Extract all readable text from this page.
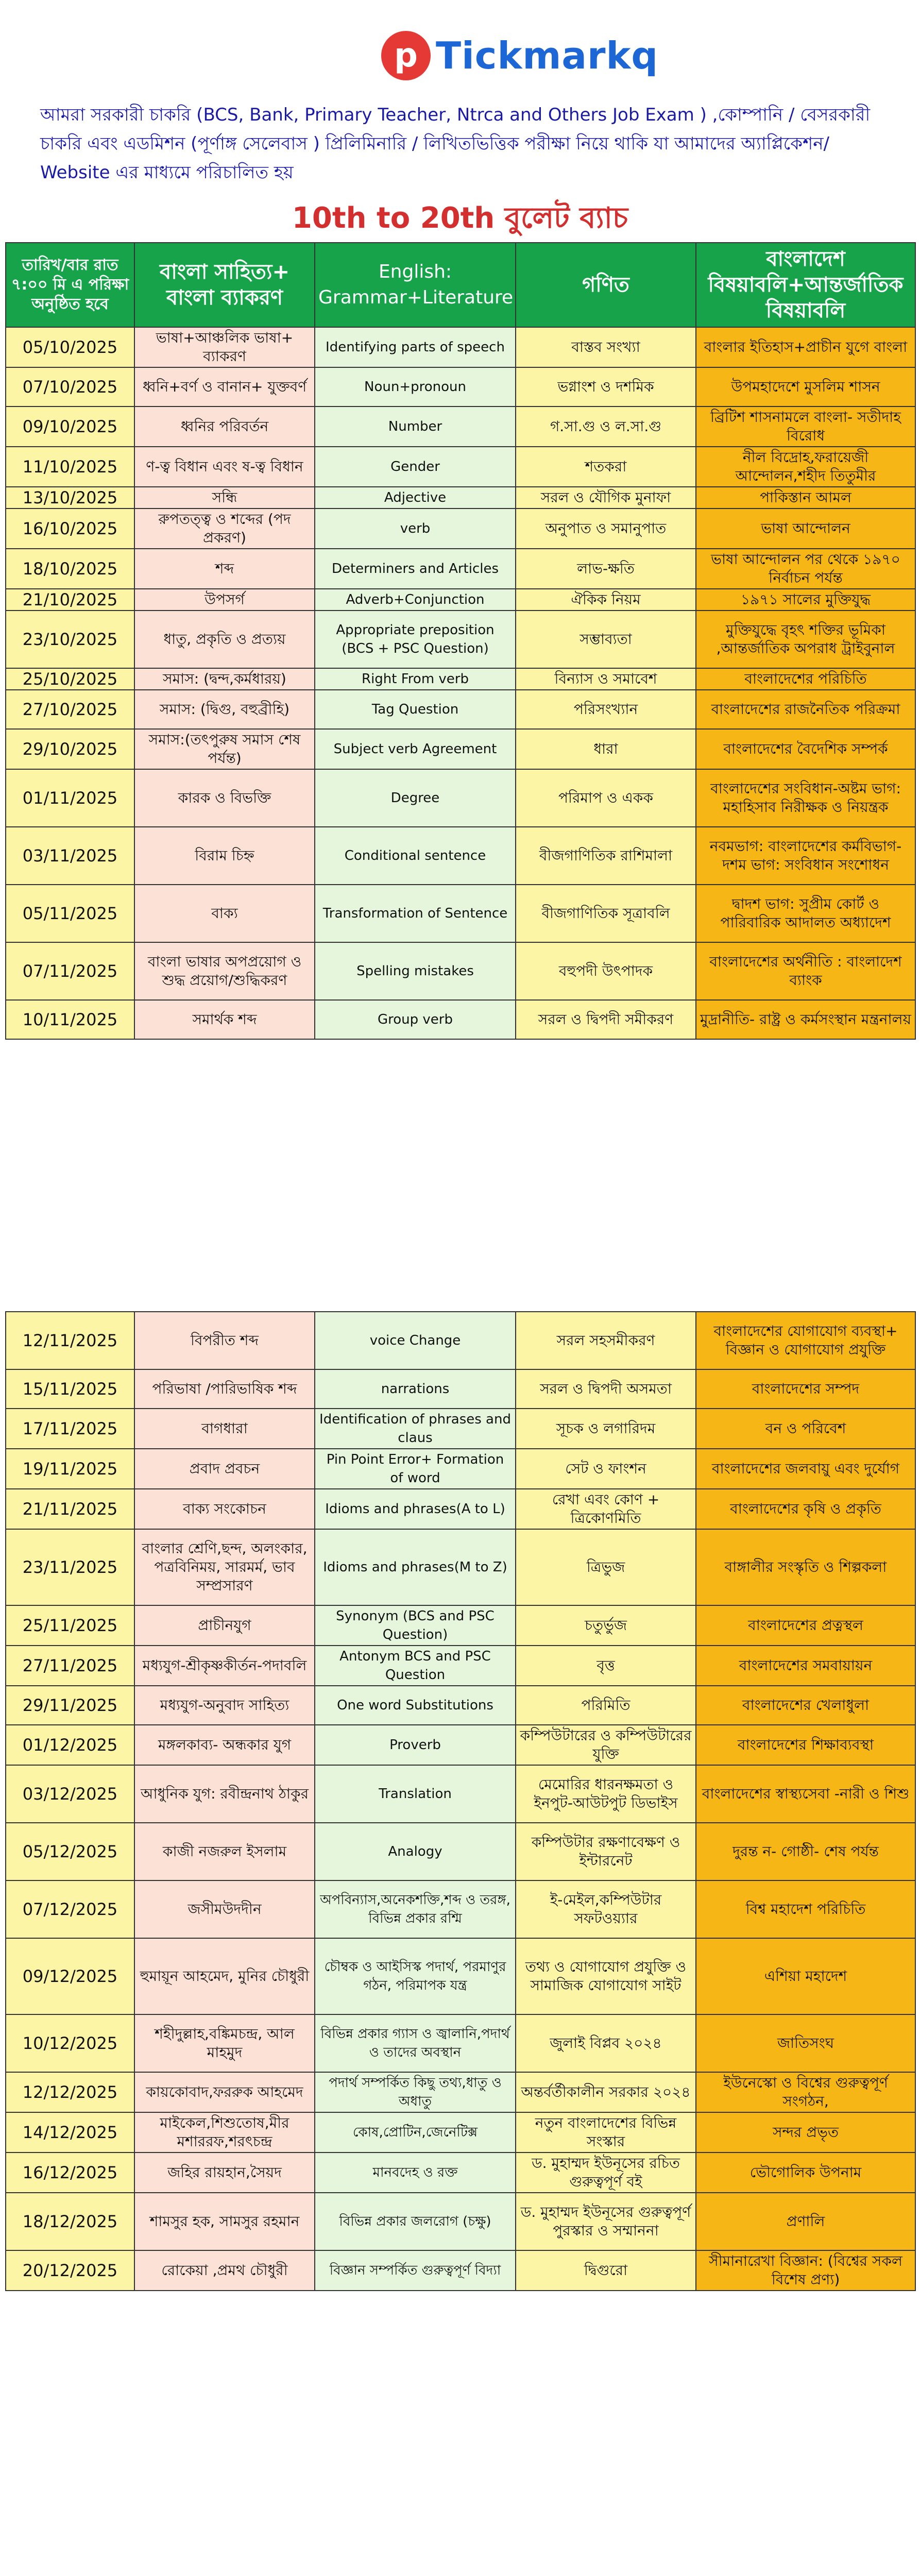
p Tickmarkq
আমরা সরকারী চাকরি (BCS, Bank, Primary Teacher, Ntrca and Others Job Exam ) ,কোম্পানি / বেসরকারী চাকরি এবং এডমিশন (পূর্ণাঙ্গ সেলেবাস ) প্রিলিমিনারি / লিখিতভিত্তিক পরীক্ষা নিয়ে থাকি যা আমাদের অ্যাপ্লিকেশন/ Website এর মাধ্যমে পরিচালিত হয়
10th to 20th বুলেট ব্যাচ
তারিখ/বার রাত ৭:০০ মি এ পরিক্ষা অনুষ্ঠিত হবে	বাংলা সাহিত্য+ বাংলা ব্যাকরণ	English: Grammar+Literature	গণিত	বাংলাদেশ বিষয়াবলি+আন্তর্জাতিক বিষয়াবলি
05/10/2025	ভাষা+আঞ্চলিক ভাষা+ ব্যাকরণ	Identifying parts of speech	বাস্তব সংখ্যা	বাংলার ইতিহাস+প্রাচীন যুগে বাংলা
07/10/2025	ধ্বনি+বর্ণ ও বানান+ যুক্তবর্ণ	Noun+pronoun	ভগ্নাংশ ও দশমিক	উপমহাদেশে মুসলিম শাসন
09/10/2025	ধ্বনির পরিবর্তন	Number	গ.সা.গু ও ল.সা.গু	ব্রিটিশ শাসনামলে বাংলা- সতীদাহ বিরোধ
11/10/2025	ণ-ত্ব বিধান এবং ষ-ত্ব বিধান	Gender	শতকরা	নীল বিদ্রোহ,ফরায়েজী আন্দোলন,শহীদ তিতুমীর
13/10/2025	সন্ধি	Adjective	সরল ও যৌগিক মুনাফা	পাকিস্তান আমল
16/10/2025	রুপতত্ত্ব ও শব্দের (পদ প্রকরণ)	verb	অনুপাত ও সমানুপাত	ভাষা আন্দোলন
18/10/2025	শব্দ	Determiners and Articles	লাভ-ক্ষতি	ভাষা আন্দোলন পর থেকে ১৯৭০ নির্বাচন পর্যন্ত
21/10/2025	উপসর্গ	Adverb+Conjunction	ঐকিক নিয়ম	১৯৭১ সালের মুক্তিযুদ্ধ
23/10/2025	ধাতু, প্রকৃতি ও প্রত্যয়	Appropriate preposition (BCS + PSC Question)	সম্ভাব্যতা	মুক্তিযুদ্ধে বৃহৎ শক্তির ভূমিকা ,আন্তর্জাতিক অপরাধ ট্রাইবুনাল
25/10/2025	সমাস: (দ্বন্দ,কর্মধারয়)	Right From verb	বিন্যাস ও সমাবেশ	বাংলাদেশের পরিচিতি
27/10/2025	সমাস: (দ্বিগু, বহুব্রীহি)	Tag Question	পরিসংখ্যান	বাংলাদেশের রাজনৈতিক পরিক্রমা
29/10/2025	সমাস:(তৎপুরুষ সমাস শেষ পর্যন্ত)	Subject verb Agreement	ধারা	বাংলাদেশের বৈদেশিক সম্পর্ক
01/11/2025	কারক ও বিভক্তি	Degree	পরিমাপ ও একক	বাংলাদেশের সংবিধান-অষ্টম ভাগ: মহাহিসাব নিরীক্ষক ও নিয়ন্ত্রক
03/11/2025	বিরাম চিহ্ন	Conditional sentence	বীজগাণিতিক রাশিমালা	নবমভাগ: বাংলাদেশের কর্মবিভাগ- দশম ভাগ: সংবিধান সংশোধন
05/11/2025	বাক্য	Transformation of Sentence	বীজগাণিতিক সূত্রাবলি	দ্বাদশ ভাগ: সুপ্রীম কোর্ট ও পারিবারিক আদালত অধ্যাদেশ
07/11/2025	বাংলা ভাষার অপপ্রয়োগ ও শুদ্ধ প্রয়োগ/শুদ্ধিকরণ	Spelling mistakes	বহুপদী উৎপাদক	বাংলাদেশের অর্থনীতি : বাংলাদেশ ব্যাংক
10/11/2025	সমার্থক শব্দ	Group verb	সরল ও দ্বিপদী সমীকরণ	মুদ্রানীতি- রাষ্ট্র ও কর্মসংস্থান মন্ত্রনালয়
12/11/2025	বিপরীত শব্দ	voice Change	সরল সহসমীকরণ	বাংলাদেশের যোগাযোগ ব্যবস্থা+ বিজ্ঞান ও যোগাযোগ প্রযুক্তি
15/11/2025	পরিভাষা /পারিভাষিক শব্দ	narrations	সরল ও দ্বিপদী অসমতা	বাংলাদেশের সম্পদ
17/11/2025	বাগধারা	Identification of phrases and claus	সূচক ও লগারিদম	বন ও পরিবেশ
19/11/2025	প্রবাদ প্রবচন	Pin Point Error+ Formation of word	সেট ও ফাংশন	বাংলাদেশের জলবায়ু এবং দুর্যোগ
21/11/2025	বাক্য সংকোচন	Idioms and phrases(A to L)	রেখা এবং কোণ + ত্রিকোণমিতি	বাংলাদেশের কৃষি ও প্রকৃতি
23/11/2025	বাংলার শ্রেণি,ছন্দ, অলংকার, পত্রবিনিময়, সারমর্ম, ভাব সম্প্রসারণ	Idioms and phrases(M to Z)	ত্রিভুজ	বাঙ্গালীর সংস্কৃতি ও শিল্পকলা
25/11/2025	প্রাচীনযুগ	Synonym (BCS and PSC Question)	চতুর্ভুজ	বাংলাদেশের প্রত্নস্থল
27/11/2025	মধ্যযুগ-শ্রীকৃষ্ণকীর্তন-পদাবলি	Antonym BCS and PSC Question	বৃত্ত	বাংলাদেশের সমবায়ায়ন
29/11/2025	মধ্যযুগ-অনুবাদ সাহিত্য	One word Substitutions	পরিমিতি	বাংলাদেশের খেলাধুলা
01/12/2025	মঙ্গলকাব্য- অন্ধকার যুগ	Proverb	কম্পিউটারের ও কম্পিউটারের যুক্তি	বাংলাদেশের শিক্ষাব্যবস্থা
03/12/2025	আধুনিক যুগ: রবীন্দ্রনাথ ঠাকুর	Translation	মেমোরির ধারনক্ষমতা ও ইনপুট-আউটপুট ডিভাইস	বাংলাদেশের স্বাস্থ্যসেবা -নারী ও শিশু
05/12/2025	কাজী নজরুল ইসলাম	Analogy	কম্পিউটার রক্ষণাবেক্ষণ ও ইন্টারনেট	দুরন্ত ন- গোষ্ঠী- শেষ পর্যন্ত
07/12/2025	জসীমউদদীন	অপবিন্যাস,অনেকশক্তি,শব্দ ও তরঙ্গ, বিভিন্ন প্রকার রশ্মি	ই-মেইল,কম্পিউটার সফটওয়্যার	বিশ্ব মহাদেশ পরিচিতি
09/12/2025	হুমায়ূন আহমেদ, মুনির চৌধুরী	চৌম্বক ও আইসিস্ক পদার্থ, পরমাণুর গঠন, পরিমাপক যন্ত্র	তথ্য ও যোগাযোগ প্রযুক্তি ও সামাজিক যোগাযোগ সাইট	এশিয়া মহাদেশ
10/12/2025	শহীদুল্লাহ,বঙ্কিমচন্দ্র, আল মাহমুদ	বিভিন্ন প্রকার গ্যাস ও জ্বালানি,পদার্থ ও তাদের অবস্থান	জুলাই বিপ্লব ২০২৪	জাতিসংঘ
12/12/2025	কায়কোবাদ,ফররুক আহমেদ	পদার্থ সম্পর্কিত কিছু তথ্য,ধাতু ও অধাতু	অন্তর্বর্তীকালীন সরকার ২০২৪	ইউনেস্কো ও বিশ্বের গুরুত্বপূর্ণ সংগঠন,
14/12/2025	মাইকেল,শিশুতোষ,মীর মশাররফ,শরৎচন্দ্র	কোষ,প্রোটিন,জেনেটিক্স	নতুন বাংলাদেশের বিভিন্ন সংস্কার	সন্দর প্রভৃত
16/12/2025	জহির রায়হান,সৈয়দ	মানবদেহ ও রক্ত	ড. মুহাম্মদ ইউনূসের রচিত গুরুত্বপূর্ণ বই	ভৌগোলিক উপনাম
18/12/2025	শামসুর হক, সামসুর রহমান	বিভিন্ন প্রকার জলরোগ (চক্ষু)	ড. মুহাম্মদ ইউনূসের গুরুত্বপূর্ণ পুরস্কার ও সম্মাননা	প্রণালি
20/12/2025	রোকেয়া ,প্রমথ চৌধুরী	বিজ্ঞান সম্পর্কিত গুরুত্বপূর্ণ বিদ্যা	দ্বিগুরো	সীমানারেখা বিজ্ঞান: (বিশ্বের সকল বিশেষ প্রণ্য)
